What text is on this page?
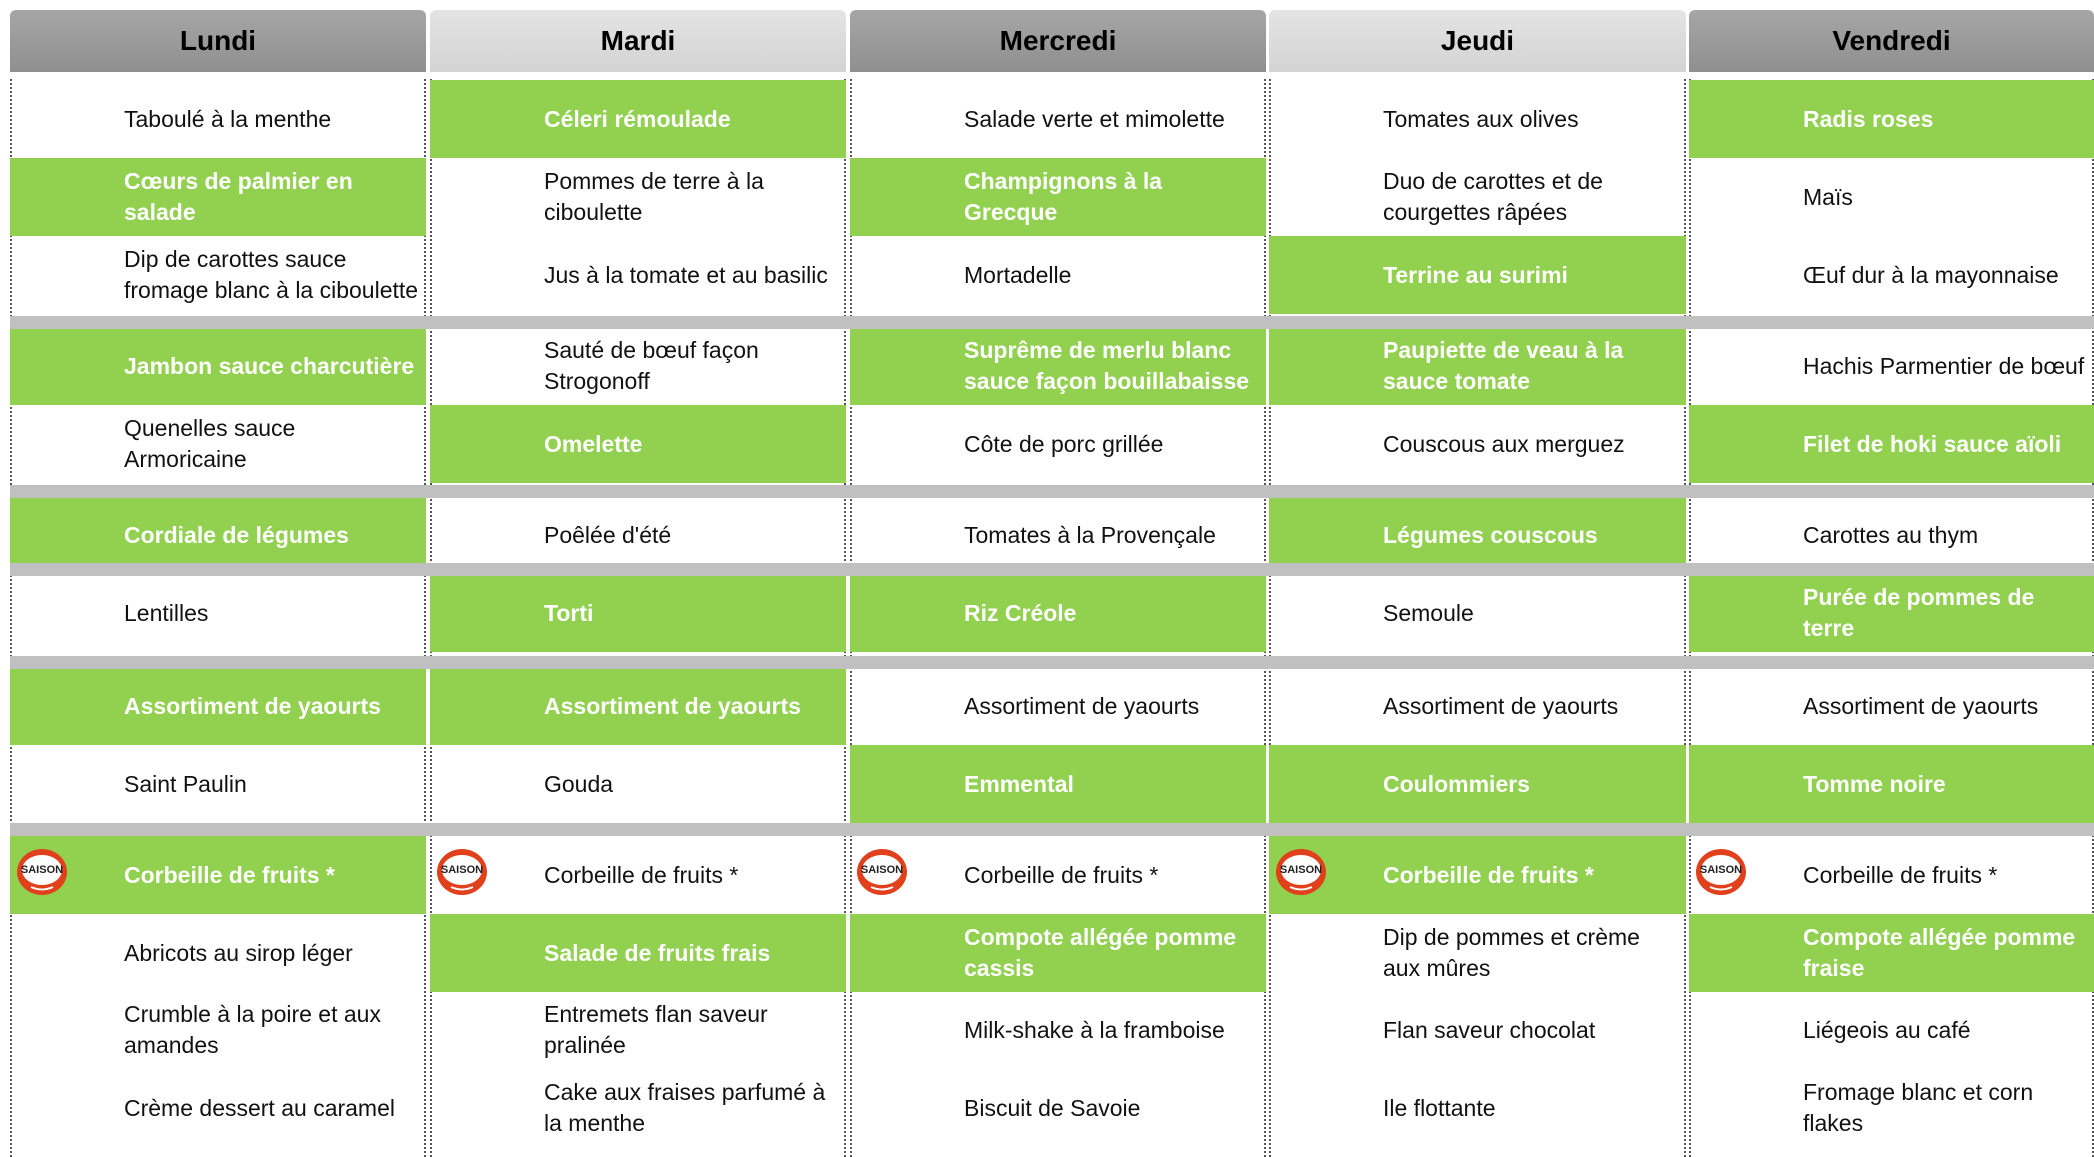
Lundi
Taboulé à la menthe
Cœurs de palmier en salade
Dip de carottes sauce fromage blanc à la ciboulette
Jambon sauce charcutière
Quenelles sauce Armoricaine
Cordiale de légumes
Lentilles
Assortiment de yaourts
Saint Paulin
Corbeille de fruits *
SAISON
Abricots au sirop léger
Crumble à la poire et aux amandes
Crème dessert au caramel
Mardi
Céleri rémoulade
Pommes de terre à la ciboulette
Jus à la tomate et au basilic
Sauté de bœuf façon Strogonoff
Omelette
Poêlée d'été
Torti
Assortiment de yaourts
Gouda
Corbeille de fruits *
SAISON
Salade de fruits frais
Entremets flan saveur pralinée
Cake aux fraises parfumé à la menthe
Mercredi
Salade verte et mimolette
Champignons à la Grecque
Mortadelle
Suprême de merlu blanc sauce façon bouillabaisse
Côte de porc grillée
Tomates à la Provençale
Riz Créole
Assortiment de yaourts
Emmental
Corbeille de fruits *
SAISON
Compote allégée pomme cassis
Milk-shake à la framboise
Biscuit de Savoie
Jeudi
Tomates aux olives
Duo de carottes et de courgettes râpées
Terrine au surimi
Paupiette de veau à la sauce tomate
Couscous aux merguez
Légumes couscous
Semoule
Assortiment de yaourts
Coulommiers
Corbeille de fruits *
SAISON
Dip de pommes et crème aux mûres
Flan saveur chocolat
Ile flottante
Vendredi
Radis roses
Maïs
Œuf dur à la mayonnaise
Hachis Parmentier de bœuf
Filet de hoki sauce aïoli
Carottes au thym
Purée de pommes de terre
Assortiment de yaourts
Tomme noire
Corbeille de fruits *
SAISON
Compote allégée pomme fraise
Liégeois au café
Fromage blanc et corn flakes
